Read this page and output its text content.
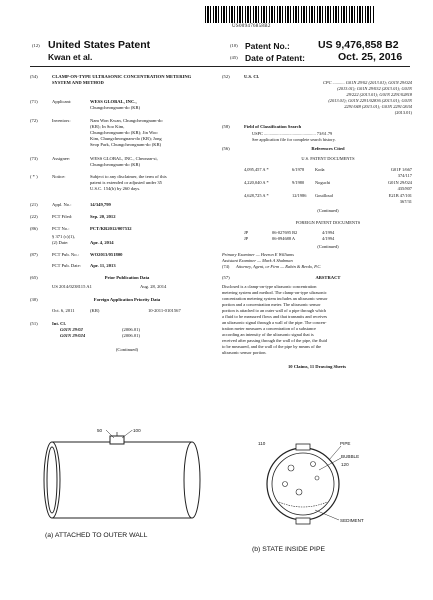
US009476858B2
(12) United States Patent
Kwan et al.
(10) Patent No.:	US 9,476,858 B2
(45) Date of Patent:	Oct. 25, 2016
(54)	CLAMP-ON-TYPE ULTRASONIC CONCENTRATION METERING SYSTEM AND METHOD
(71)	Applicant:	WESS GLOBAL, INC.,
Chungcheongnam-do (KR)
(72)	Inventors:	Nam Won Kwan, Chungcheongnam-do
(KR); In Soo Kim,
Chungcheongnam-do (KR); Jin Woo
Kim, Chungcheongnam-do (KR); Jong
Seop Park, Chungcheongnam-do (KR)
(73)	Assignee:	WESS GLOBAL, INC., Cheonan-si,
Chungcheongnam-do (KR)
( * )	Notice:	Subject to any disclaimer, the term of this
patent is extended or adjusted under 35
U.S.C. 154(b) by 260 days.
(21)	Appl. No.:	14/349,799
(22)	PCT Filed:	Sep. 20, 2012
(86)	PCT No.:	PCT/KR2012/007532
§ 371 (c)(1),
(2) Date:	Apr. 4, 2014
(87)	PCT Pub. No.: WO2013/051800
PCT Pub. Date: Apr. 11, 2013
(65)	Prior Publication Data
US 2014/0238115 A1	Aug. 28, 2014
(30)	Foreign Application Priority Data
Oct. 6, 2011	(KR)	10-2011-0101567
(51)	Int. Cl.
G01N 29/02	(2006.01)
G01N 29/024	(2006.01)
(Continued)
(52)	U.S. Cl.
CPC ........... G01N 29/02 (2013.01); G01N 29/024
(2013.01); G01N 29/032 (2013.01); G01N
29/222 (2013.01); G01N 2291/02818
(2013.01); G01N 2291/02836 (2013.01); G01N
2291/048 (2013.01); G01N 2291/2634
(2013.01)
(58)	Field of Classification Search
USPC ............................................... 73/61.79
See application file for complete search history.
(56)	References Cited
U.S. PATENT DOCUMENTS
4,095,457 A *	6/1978 Koda	G01F 1/667
374/117
4,220,040 A *	9/1980 Noguchi	G01N 29/024
435/807
4,628,725 A *	12/1986 Gouilloud	E21B 47/101
367/31
(Continued)
FOREIGN PATENT DOCUMENTS
JP	06-027695 B2	4/1994
JP	06-094688 A	4/1994
(Continued)
Primary Examiner — Hezron E Williams
Assistant Examiner — Mark A Shabman
(74) Attorney, Agent, or Firm — Rabin & Berdo, P.C.
(57)	ABSTRACT
Disclosed is a clamp-on-type ultrasonic concentration
metering system and method. The clamp-on-type ultrasonic
concentration metering system includes an ultrasonic sensor
portion and a concentration meter. The ultrasonic sensor
portion is attached to an outer wall of a pipe through which
a fluid to be measured flows and that transmits and receives
an ultrasonic signal through a wall of the pipe. The concen-
tration meter measures a concentration of a substance
according an intensity of the ultrasonic signal that is
received after passing through the wall of the pipe, the fluid
to be measured, and the wall of the pipe by means of the
ultrasonic sensor portion.
10 Claims, 11 Drawing Sheets
50	100
(a) ATTACHED TO OUTER WALL
110	PIPE
BUBBLE
120
SEDIMENT
(b) STATE INSIDE PIPE
